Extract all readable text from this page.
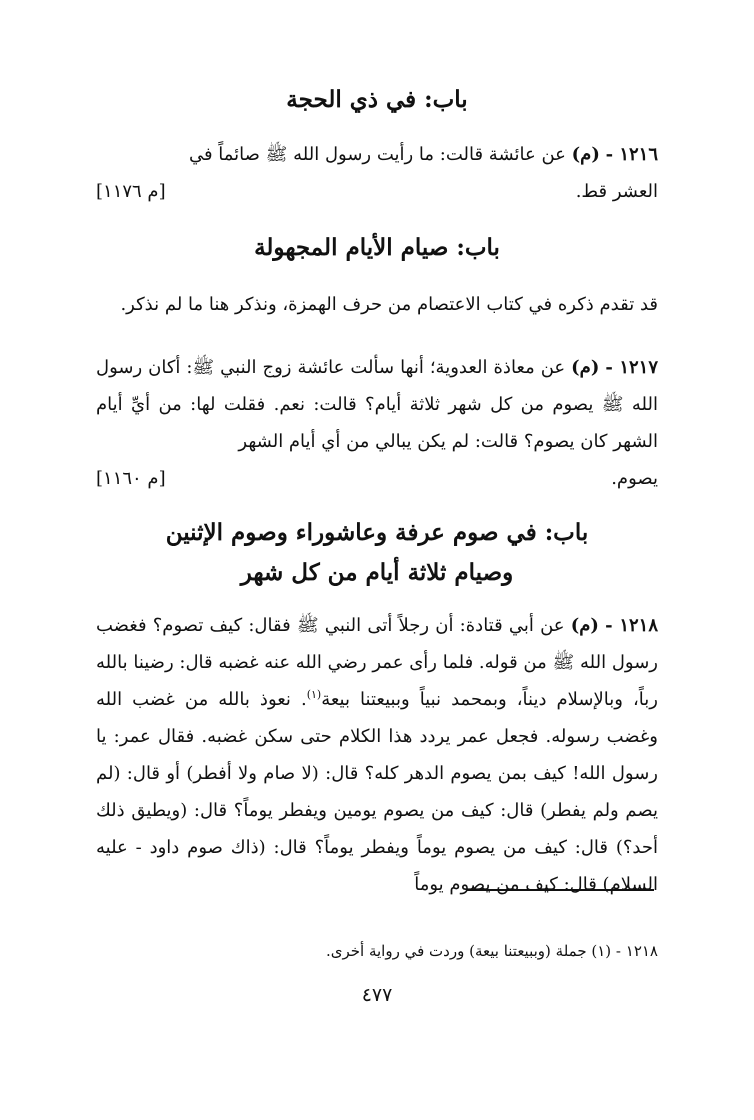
باب: في ذي الحجة

١٢١٦ - (م) عن عائشة قالت: ما رأيت رسول الله ﷺ صائماً في

العشر قط.
[م ١١٧٦]
باب: صيام الأيام المجهولة

قد تقدم ذكره في كتاب الاعتصام من حرف الهمزة، ونذكر هنا ما لم نذكر.

١٢١٧ - (م) عن معاذة العدوية؛ أنها سألت عائشة زوج النبي ﷺ: أكان رسول الله ﷺ يصوم من كل شهر ثلاثة أيام؟ قالت: نعم. فقلت لها: من أيِّ أيام الشهر كان يصوم؟ قالت: لم يكن يبالي من أي أيام الشهر

يصوم.
[م ١١٦٠]
باب: في صوم عرفة وعاشوراء وصوم الإثنين
وصيام ثلاثة أيام من كل شهر

١٢١٨ - (م) عن أبي قتادة: أن رجلاً أتى النبي ﷺ فقال: كيف تصوم؟ فغضب رسول الله ﷺ من قوله. فلما رأى عمر رضي الله عنه غضبه قال: رضينا بالله رباً، وبالإسلام ديناً، وبمحمد نبياً وببيعتنا بيعة$^{(١)}$. نعوذ بالله من غضب الله وغضب رسوله. فجعل عمر يردد هذا الكلام حتى سكن غضبه. فقال عمر: يا رسول الله! كيف بمن يصوم الدهر كله؟ قال: (لا صام ولا أفطر) أو قال: (لم يصم ولم يفطر) قال: كيف من يصوم يومين ويفطر يوماً؟ قال: (ويطيق ذلك أحد؟) قال: كيف من يصوم يوماً ويفطر يوماً؟ قال: (ذاك صوم داود - عليه السلام) قال: كيف من يصوم يوماً

١٢١٨ - (١) جملة (وببيعتنا بيعة) وردت في رواية أخرى.

٤٧٧
